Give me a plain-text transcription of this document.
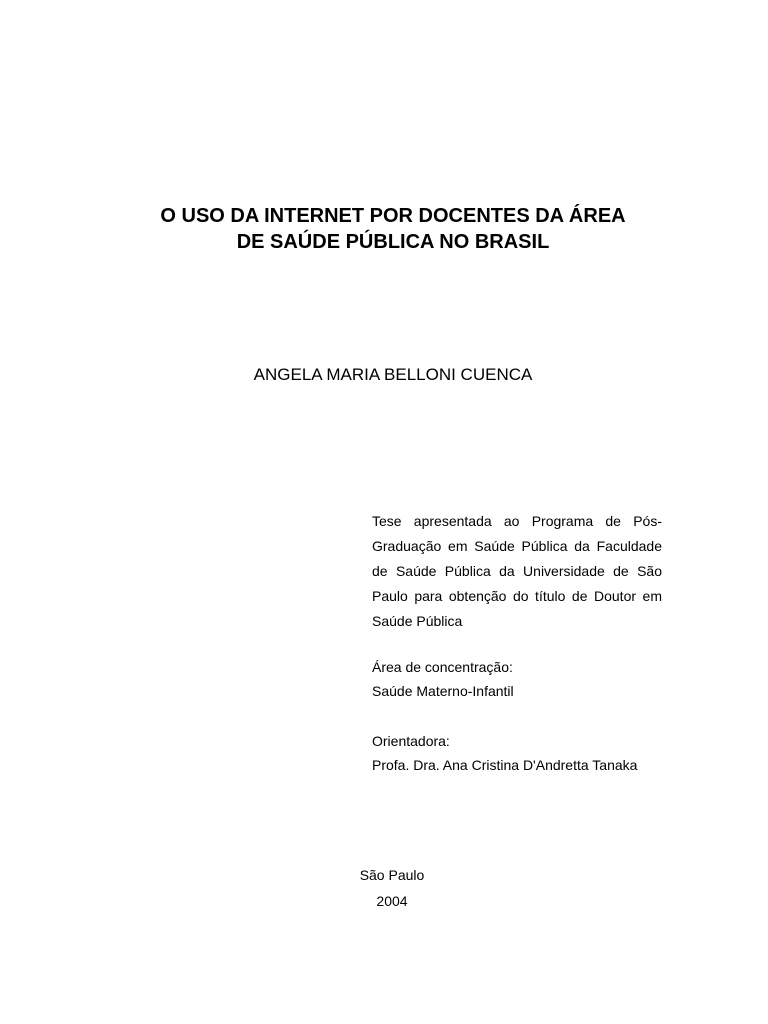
O USO DA INTERNET POR DOCENTES DA ÁREA
DE SAÚDE PÚBLICA NO BRASIL

ANGELA MARIA BELLONI CUENCA

Tese apresentada ao Programa de Pós-Graduação em Saúde Pública da Faculdade de Saúde Pública da Universidade de São Paulo para obtenção do título de Doutor em Saúde Pública

Área de concentração:
Saúde Materno-Infantil
Orientadora:
Profa. Dra. Ana Cristina D'Andretta Tanaka
São Paulo
2004
